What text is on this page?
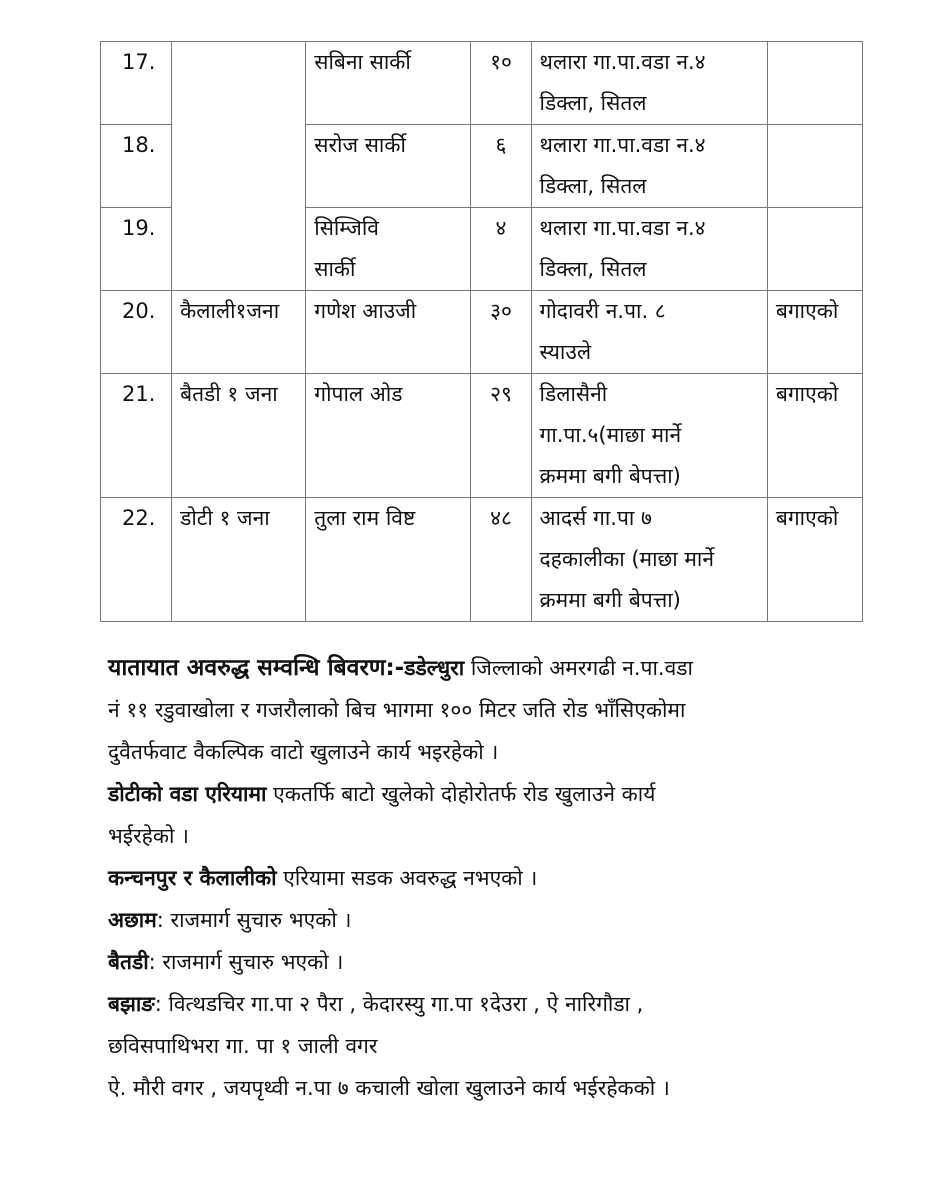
17.		सबिना सार्की	१०	थलारा गा.पा.वडा न.४
डिक्ला, सितल	
18.		सरोज सार्की	६	थलारा गा.पा.वडा न.४
डिक्ला, सितल	
19.		सिम्जिवि
सार्की	४	थलारा गा.पा.वडा न.४
डिक्ला, सितल	
20.	कैलाली१जना	गणेश आउजी	३०	गोदावरी न.पा. ८
स्याउले	बगाएको
21.	बैतडी १ जना	गोपाल ओड	२९	डिलासैनी
गा.पा.५(माछा मार्ने
क्रममा बगी बेपत्ता)	बगाएको
22.	डोटी १ जना	तुला राम विष्ट	४८	आदर्स गा.पा ७
दहकालीका (माछा मार्ने
क्रममा बगी बेपत्ता)	बगाएको

यातायात अवरुद्ध सम्वन्धि बिवरण:-डडेल्धुरा जिल्लाको अमरगढी न.पा.वडा

नं ११ रडुवाखोला र गजरौलाको बिच भागमा १०० मिटर जति रोड भाँसिएकोमा

दुवैतर्फवाट वैकल्पिक वाटो खुलाउने कार्य भइरहेको ।

डोटीको वडा एरियामा एकतर्फि बाटो खुलेको दोहोरोतर्फ रोड खुलाउने कार्य

भईरहेको ।

कन्चनपुर र कैलालीको एरियामा सडक अवरुद्ध नभएको ।

अछाम: राजमार्ग सुचारु भएको ।

बैतडी: राजमार्ग सुचारु भएको ।

बझाङ: वित्थडचिर गा.पा २ पैरा , केदारस्यु गा.पा १देउरा , ऐ नारिगौडा ,

छविसपाथिभरा गा. पा १ जाली वगर

ऐ. मौरी वगर , जयपृथ्वी न.पा ७ कचाली खोला खुलाउने कार्य भईरहेकको ।
